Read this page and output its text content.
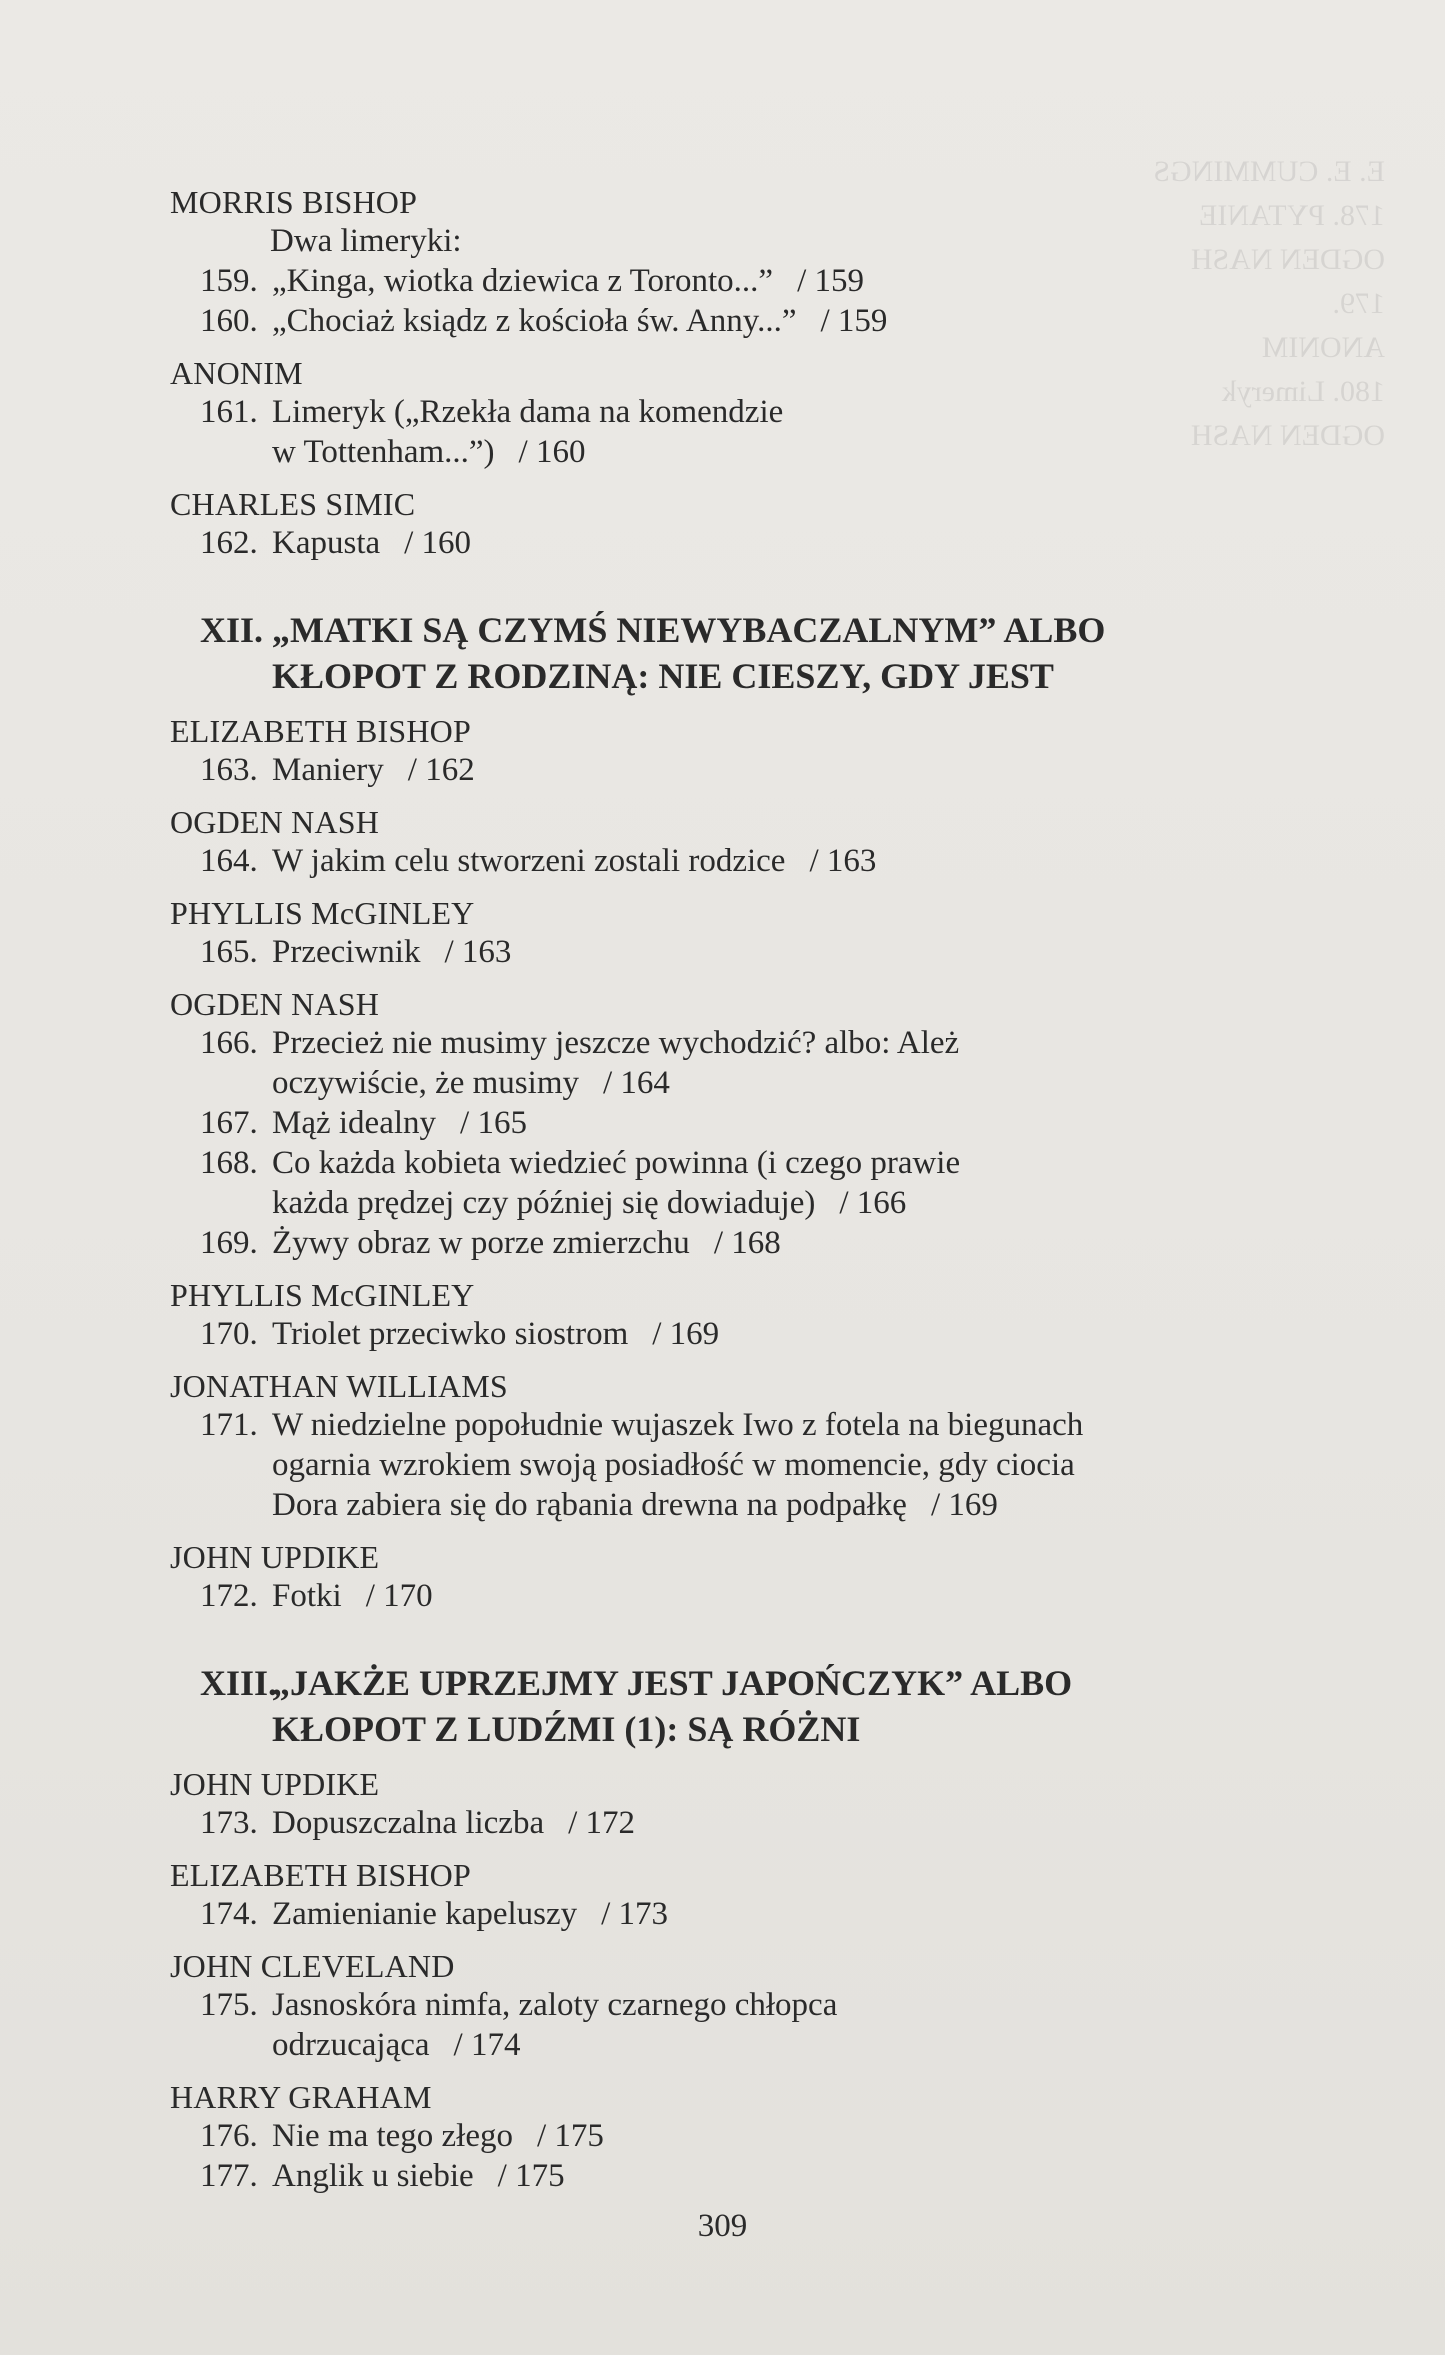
E. E. CUMMINGS
178. PYTANIE
OGDEN NASH
179.
ANONIM
180. Limeryk
OGDEN NASH
MORRIS BISHOP
Dwa limeryki:
159. „Kinga, wiotka dziewica z Toronto...” / 159
160. „Chociaż ksiądz z kościoła św. Anny...” / 159
ANONIM
161. Limeryk („Rzekła dama na komendzie
w Tottenham...”) / 160
CHARLES SIMIC
162. Kapusta / 160
XII. „MATKI SĄ CZYMŚ NIEWYBACZALNYM” ALBO
KŁOPOT Z RODZINĄ: NIE CIESZY, GDY JEST
ELIZABETH BISHOP
163. Maniery / 162
OGDEN NASH
164. W jakim celu stworzeni zostali rodzice / 163
PHYLLIS McGINLEY
165. Przeciwnik / 163
OGDEN NASH
166. Przecież nie musimy jeszcze wychodzić? albo: Ależ
oczywiście, że musimy / 164
167. Mąż idealny / 165
168. Co każda kobieta wiedzieć powinna (i czego prawie
każda prędzej czy później się dowiaduje) / 166
169. Żywy obraz w porze zmierzchu / 168
PHYLLIS McGINLEY
170. Triolet przeciwko siostrom / 169
JONATHAN WILLIAMS
171. W niedzielne popołudnie wujaszek Iwo z fotela na biegunach
ogarnia wzrokiem swoją posiadłość w momencie, gdy ciocia
Dora zabiera się do rąbania drewna na podpałkę / 169
JOHN UPDIKE
172. Fotki / 170
XIII.
„JAKŻE UPRZEJMY JEST JAPOŃCZYK” ALBO
KŁOPOT Z LUDŹMI (1): SĄ RÓŻNI
JOHN UPDIKE
173. Dopuszczalna liczba / 172
ELIZABETH BISHOP
174. Zamienianie kapeluszy / 173
JOHN CLEVELAND
175. Jasnoskóra nimfa, zaloty czarnego chłopca
odrzucająca / 174
HARRY GRAHAM
176. Nie ma tego złego / 175
177. Anglik u siebie / 175
309
